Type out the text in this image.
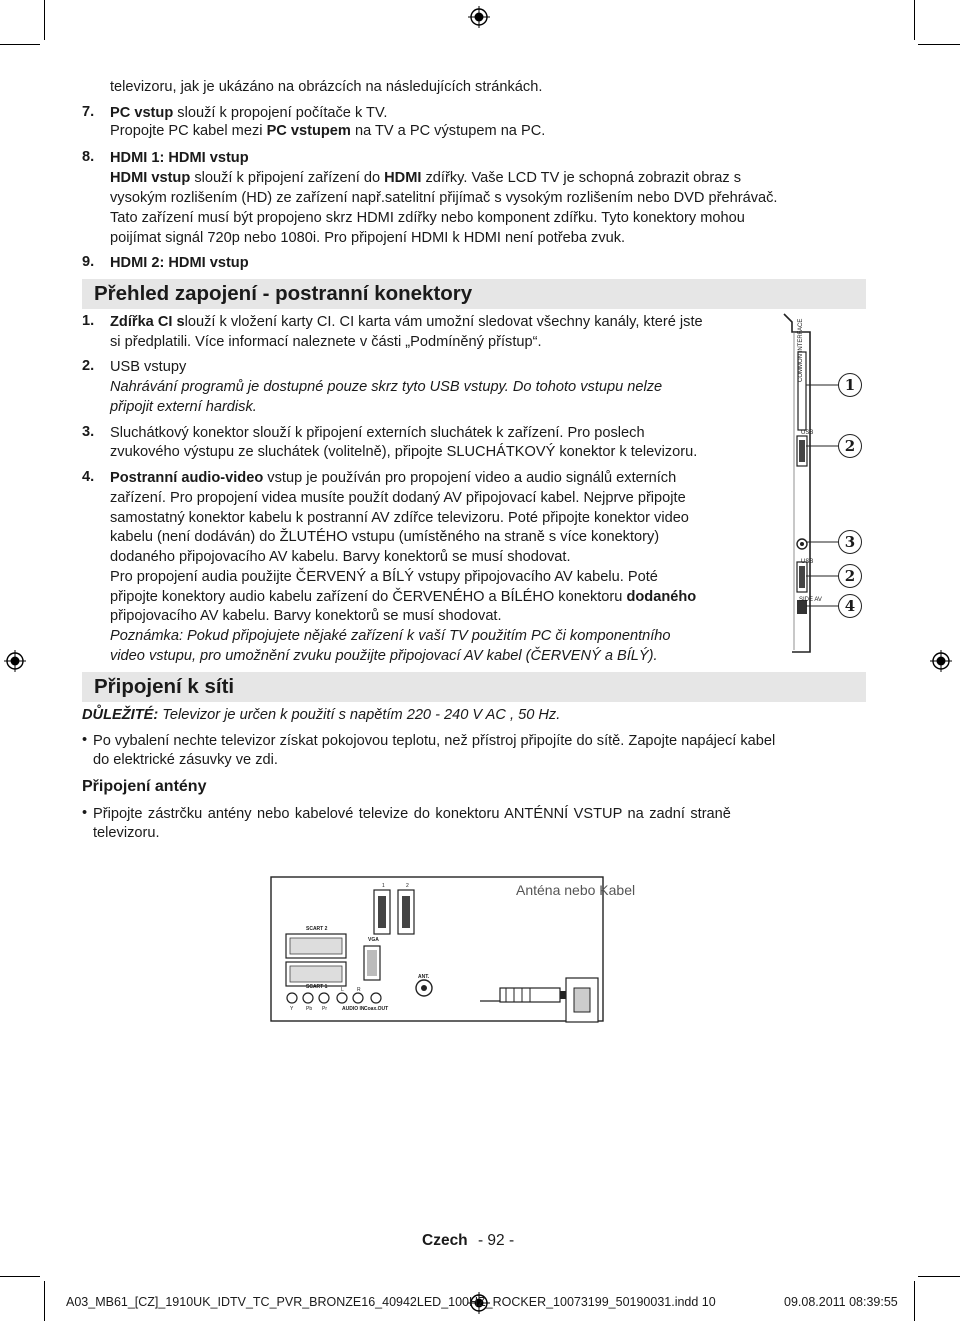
televizoru, jak je ukázáno na obrázcích na následujících stránkách.
7. PC vstup slouží k propojení počítače k TV.
Propojte PC kabel mezi PC vstupem na TV a PC výstupem na PC.
8. HDMI 1: HDMI vstup
HDMI vstup slouží k připojení zařízení do HDMI zdířky. Vaše LCD TV je schopná zobrazit obraz s
vysokým rozlišením (HD) ze zařízení např.satelitní přijímač s vysokým rozlišením nebo DVD přehrávač.
Tato zařízení musí být propojeno skrz HDMI zdířky nebo komponent zdířku. Tyto konektory mohou
poijímat signál 720p nebo 1080i. Pro připojení HDMI k HDMI není potřeba zvuk.
9. HDMI 2: HDMI vstup
Přehled zapojení - postranní konektory
1. Zdířka CI slouží k vložení karty CI. CI karta vám umožní sledovat všechny kanály, které jste
si předplatili. Více informací naleznete v části „Podmíněný přístup“.
2. USB vstupy
Nahrávání programů je dostupné pouze skrz tyto USB vstupy. Do tohoto vstupu nelze
připojit externí hardisk.
3. Sluchátkový konektor slouží k připojení externích sluchátek k zařízení. Pro poslech
zvukového výstupu ze sluchátek (volitelně), připojte SLUCHÁTKOVÝ konektor k televizoru.
4. Postranní audio-video vstup je používán pro propojení video a audio signálů externích
zařízení. Pro propojení videa musíte použít dodaný AV připojovací kabel. Nejprve připojte
samostatný konektor kabelu k postranní AV zdířce televizoru. Poté připojte konektor video
kabelu (není dodáván) do ŽLUTÉHO vstupu (umístěného na straně s více konektory)
dodaného připojovacího AV kabelu. Barvy konektorů se musí shodovat.
Pro propojení audia použijte ČERVENÝ a BÍLÝ vstupy připojovacího AV kabelu. Poté
připojte konektory audio kabelu zařízení do ČERVENÉHO a BÍLÉHO konektoru dodaného
připojovacího AV kabelu. Barvy konektorů se musí shodovat.
Poznámka: Pokud připojujete nějaké zařízení k vaší TV použitím PC či komponentního
video vstupu, pro umožnění zvuku použijte připojovací AV kabel (ČERVENÝ a BÍLÝ).
COMMON INTERFACE
USB
USB
SIDE AV
1
2
3
2
4
Připojení k síti
DŮLEŽITÉ: Televizor je určen k použití s napětím 220 - 240 V AC , 50 Hz.
• Po vybalení nechte televizor získat pokojovou teplotu, než přístroj připojíte do sítě. Zapojte napájecí kabel
do elektrické zásuvky ve zdi.
Připojení antény
• Připojte zástrčku antény nebo kabelové televize do konektoru ANTÉNNÍ VSTUP na zadní straně
televizoru.
Anténa nebo Kabel
1	2
SCART 2
SCART 1
VGA
ANT.
AUDIO IN Coax.OUT
L	R
Y	Pb Pr
Czech - 92 -
A03_MB61_[CZ]_1910UK_IDTV_TC_PVR_BRONZE16_40942LED_100HZ_ROCKER_10073199_50190031.indd 10	09.08.2011 08:39:55
